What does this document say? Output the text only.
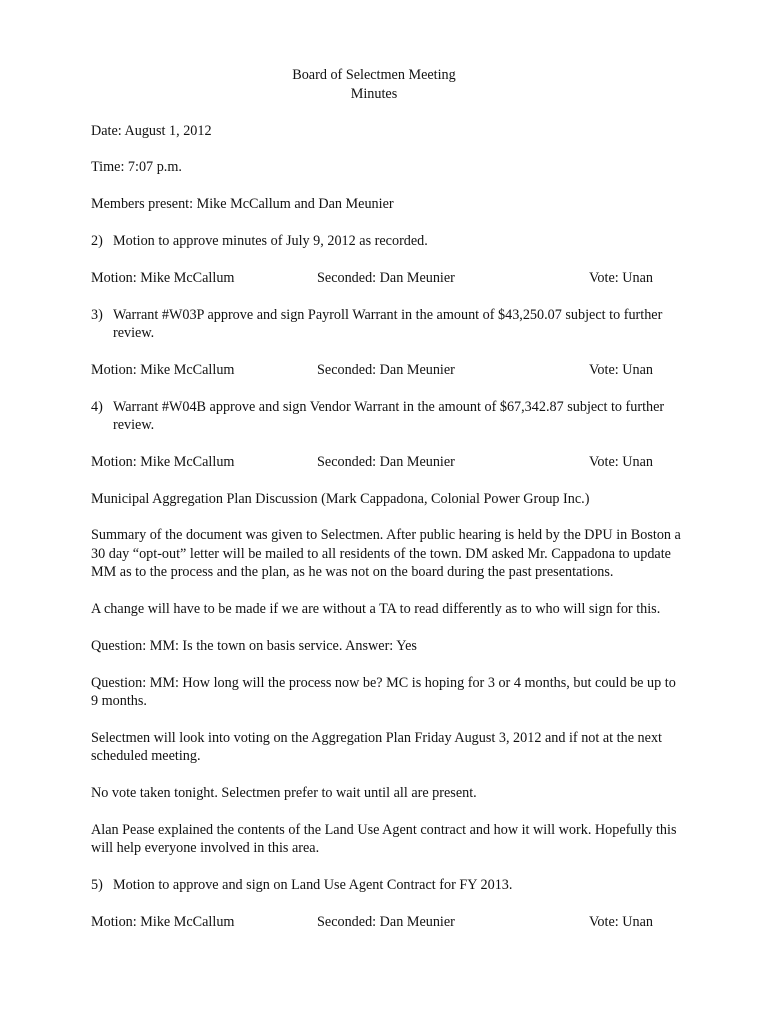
Board of Selectmen Meeting
Minutes

Date: August 1, 2012

Time: 7:07 p.m.

Members present: Mike McCallum and Dan Meunier

2) Motion to approve minutes of July 9, 2012 as recorded.
Motion: Mike McCallum	Seconded: Dan Meunier	Vote: Unan
3) Warrant #W03P approve and sign Payroll Warrant in the amount of $43,250.07 subject to further review.
Motion: Mike McCallum	Seconded: Dan Meunier	Vote: Unan
4) Warrant #W04B approve and sign Vendor Warrant in the amount of $67,342.87 subject to further review.
Motion: Mike McCallum	Seconded: Dan Meunier	Vote: Unan

Municipal Aggregation Plan Discussion (Mark Cappadona, Colonial Power Group Inc.)

Summary of the document was given to Selectmen. After public hearing is held by the DPU in Boston a 30 day “opt-out” letter will be mailed to all residents of the town. DM asked Mr. Cappadona to update MM as to the process and the plan, as he was not on the board during the past presentations.

A change will have to be made if we are without a TA to read differently as to who will sign for this.

Question: MM: Is the town on basis service. Answer: Yes

Question: MM: How long will the process now be? MC is hoping for 3 or 4 months, but could be up to 9 months.

Selectmen will look into voting on the Aggregation Plan Friday August 3, 2012 and if not at the next scheduled meeting.

No vote taken tonight. Selectmen prefer to wait until all are present.

Alan Pease explained the contents of the Land Use Agent contract and how it will work. Hopefully this will help everyone involved in this area.

5) Motion to approve and sign on Land Use Agent Contract for FY 2013.
Motion: Mike McCallum	Seconded: Dan Meunier	Vote: Unan
